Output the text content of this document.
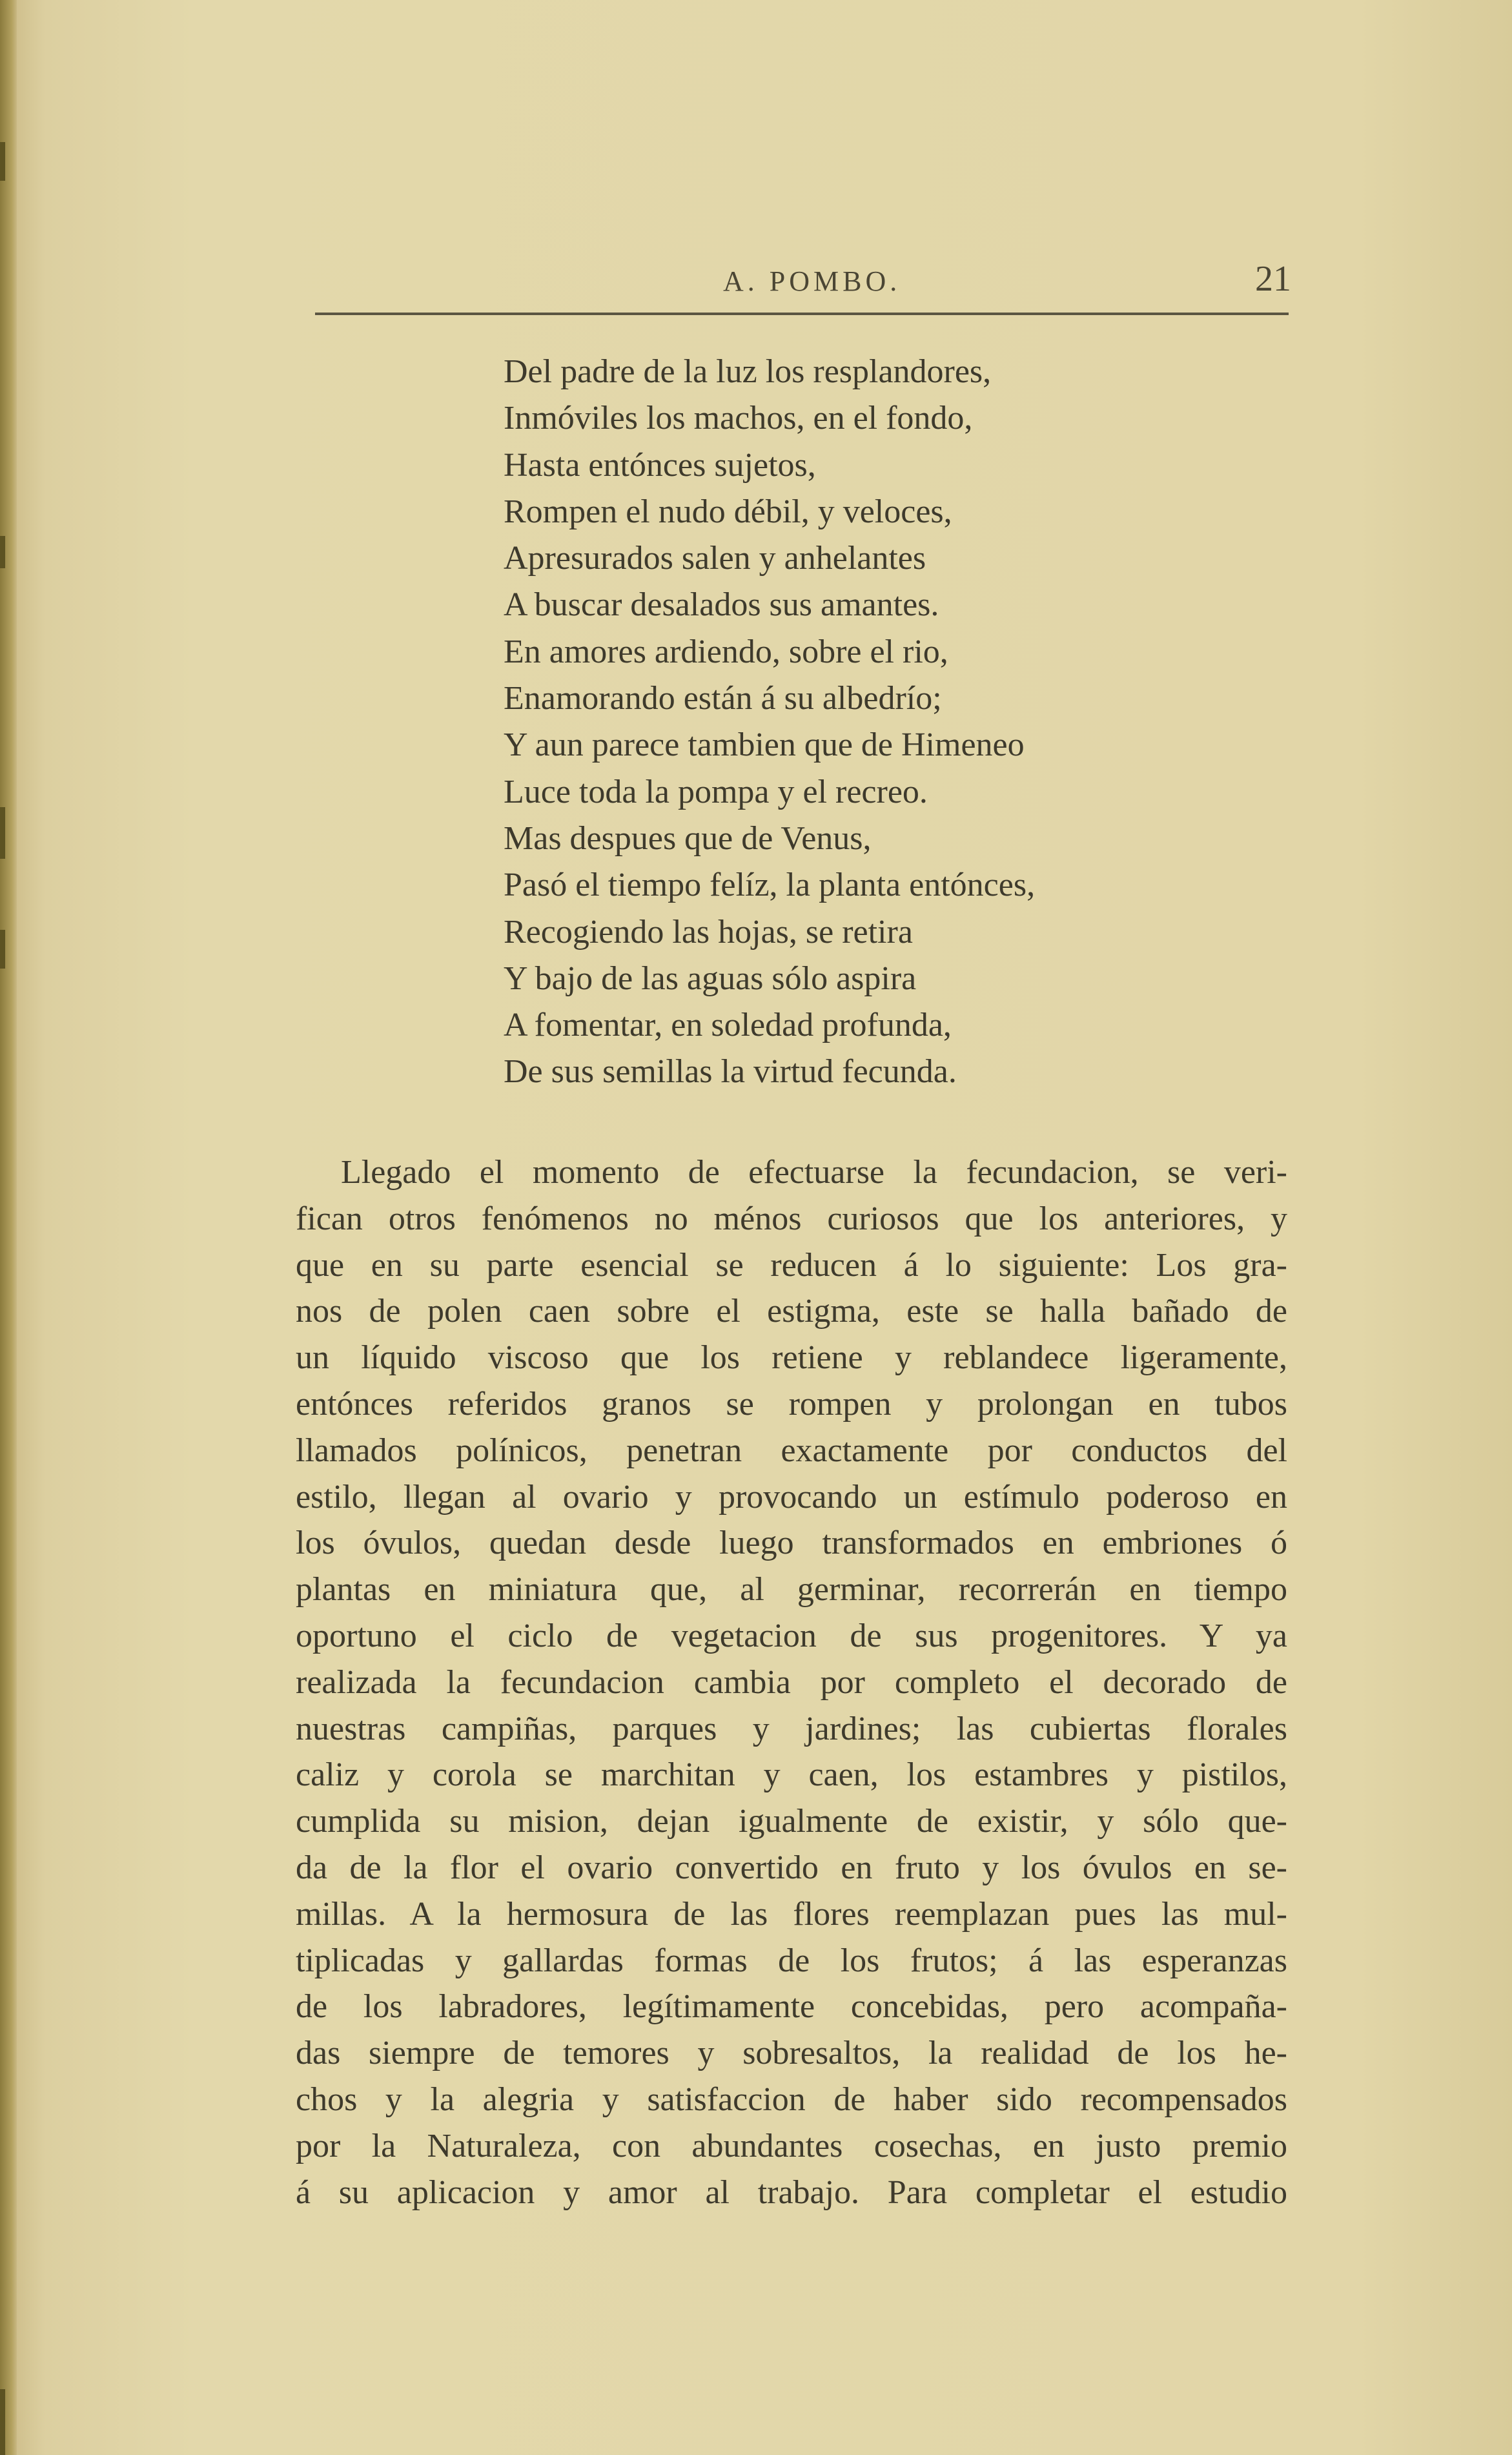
A. POMBO.	21
Del padre de la luz los resplandores,
Inmóviles los machos, en el fondo,
Hasta entónces sujetos,
Rompen el nudo débil, y veloces,
Apresurados salen y anhelantes
A buscar desalados sus amantes.
En amores ardiendo, sobre el rio,
Enamorando están á su albedrío;
Y aun parece tambien que de Himeneo
Luce toda la pompa y el recreo.
Mas despues que de Venus,
Pasó el tiempo felíz, la planta entónces,
Recogiendo las hojas, se retira
Y bajo de las aguas sólo aspira
A fomentar, en soledad profunda,
De sus semillas la virtud fecunda.
Llegado el momento de efectuarse la fecundacion, se veri-
fican otros fenómenos no ménos curiosos que los anteriores, y
que en su parte esencial se reducen á lo siguiente: Los gra-
nos de polen caen sobre el estigma, este se halla bañado de
un líquido viscoso que los retiene y reblandece ligeramente,
entónces referidos granos se rompen y prolongan en tubos
llamados polínicos, penetran exactamente por conductos del
estilo, llegan al ovario y provocando un estímulo poderoso en
los óvulos, quedan desde luego transformados en embriones ó
plantas en miniatura que, al germinar, recorrerán en tiempo
oportuno el ciclo de vegetacion de sus progenitores. Y ya
realizada la fecundacion cambia por completo el decorado de
nuestras campiñas, parques y jardines; las cubiertas florales
caliz y corola se marchitan y caen, los estambres y pistilos,
cumplida su mision, dejan igualmente de existir, y sólo que-
da de la flor el ovario convertido en fruto y los óvulos en se-
millas. A la hermosura de las flores reemplazan pues las mul-
tiplicadas y gallardas formas de los frutos; á las esperanzas
de los labradores, legítimamente concebidas, pero acompaña-
das siempre de temores y sobresaltos, la realidad de los he-
chos y la alegria y satisfaccion de haber sido recompensados
por la Naturaleza, con abundantes cosechas, en justo premio
á su aplicacion y amor al trabajo. Para completar el estudio
